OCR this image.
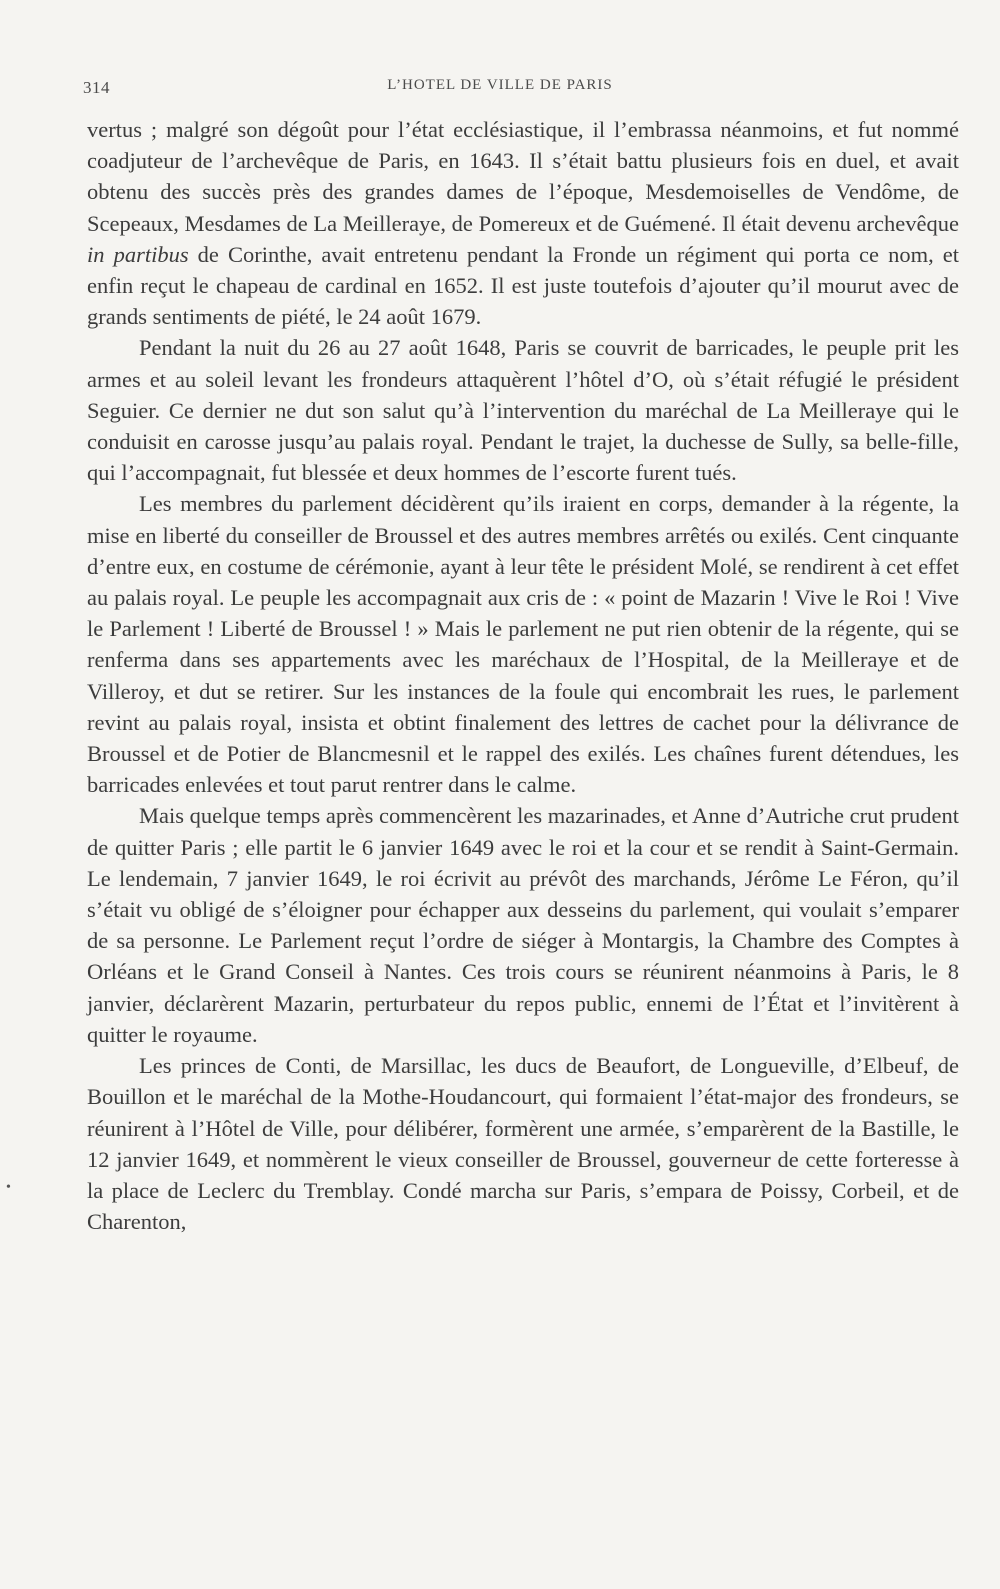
314	L’HOTEL DE VILLE DE PARIS

vertus ; malgré son dégoût pour l’état ecclésiastique, il l’embrassa néanmoins, et fut nommé coadjuteur de l’archevêque de Paris, en 1643. Il s’était battu plusieurs fois en duel, et avait obtenu des succès près des grandes dames de l’époque, Mesdemoiselles de Vendôme, de Scepeaux, Mesdames de La Meilleraye, de Pomereux et de Guémené. Il était devenu archevêque in partibus de Corinthe, avait entretenu pendant la Fronde un régiment qui porta ce nom, et enfin reçut le chapeau de cardinal en 1652. Il est juste toutefois d’ajouter qu’il mourut avec de grands sentiments de piété, le 24 août 1679.

Pendant la nuit du 26 au 27 août 1648, Paris se couvrit de barricades, le peuple prit les armes et au soleil levant les frondeurs attaquèrent l’hôtel d’O, où s’était réfugié le président Seguier. Ce dernier ne dut son salut qu’à l’intervention du maréchal de La Meilleraye qui le conduisit en carosse jusqu’au palais royal. Pendant le trajet, la duchesse de Sully, sa belle-fille, qui l’accompagnait, fut blessée et deux hommes de l’escorte furent tués.

Les membres du parlement décidèrent qu’ils iraient en corps, demander à la régente, la mise en liberté du conseiller de Broussel et des autres membres arrêtés ou exilés. Cent cinquante d’entre eux, en costume de cérémonie, ayant à leur tête le président Molé, se rendirent à cet effet au palais royal. Le peuple les accompagnait aux cris de : « point de Mazarin ! Vive le Roi ! Vive le Parlement ! Liberté de Broussel ! » Mais le parlement ne put rien obtenir de la régente, qui se renferma dans ses appartements avec les maréchaux de l’Hospital, de la Meilleraye et de Villeroy, et dut se retirer. Sur les instances de la foule qui encombrait les rues, le parlement revint au palais royal, insista et obtint finalement des lettres de cachet pour la délivrance de Broussel et de Potier de Blancmesnil et le rappel des exilés. Les chaînes furent détendues, les barricades enlevées et tout parut rentrer dans le calme.

Mais quelque temps après commencèrent les mazarinades, et Anne d’Autriche crut prudent de quitter Paris ; elle partit le 6 janvier 1649 avec le roi et la cour et se rendit à Saint-Germain. Le lendemain, 7 janvier 1649, le roi écrivit au prévôt des marchands, Jérôme Le Féron, qu’il s’était vu obligé de s’éloigner pour échapper aux desseins du parlement, qui voulait s’emparer de sa personne. Le Parlement reçut l’ordre de siéger à Montargis, la Chambre des Comptes à Orléans et le Grand Conseil à Nantes. Ces trois cours se réunirent néanmoins à Paris, le 8 janvier, déclarèrent Mazarin, perturbateur du repos public, ennemi de l’État et l’invitèrent à quitter le royaume.

Les princes de Conti, de Marsillac, les ducs de Beaufort, de Longueville, d’Elbeuf, de Bouillon et le maréchal de la Mothe-Houdancourt, qui formaient l’état-major des frondeurs, se réunirent à l’Hôtel de Ville, pour délibérer, formèrent une armée, s’emparèrent de la Bastille, le 12 janvier 1649, et nommèrent le vieux conseiller de Broussel, gouverneur de cette forteresse à la place de Leclerc du Tremblay. Condé marcha sur Paris, s’empara de Poissy, Corbeil, et de Charenton,

•
